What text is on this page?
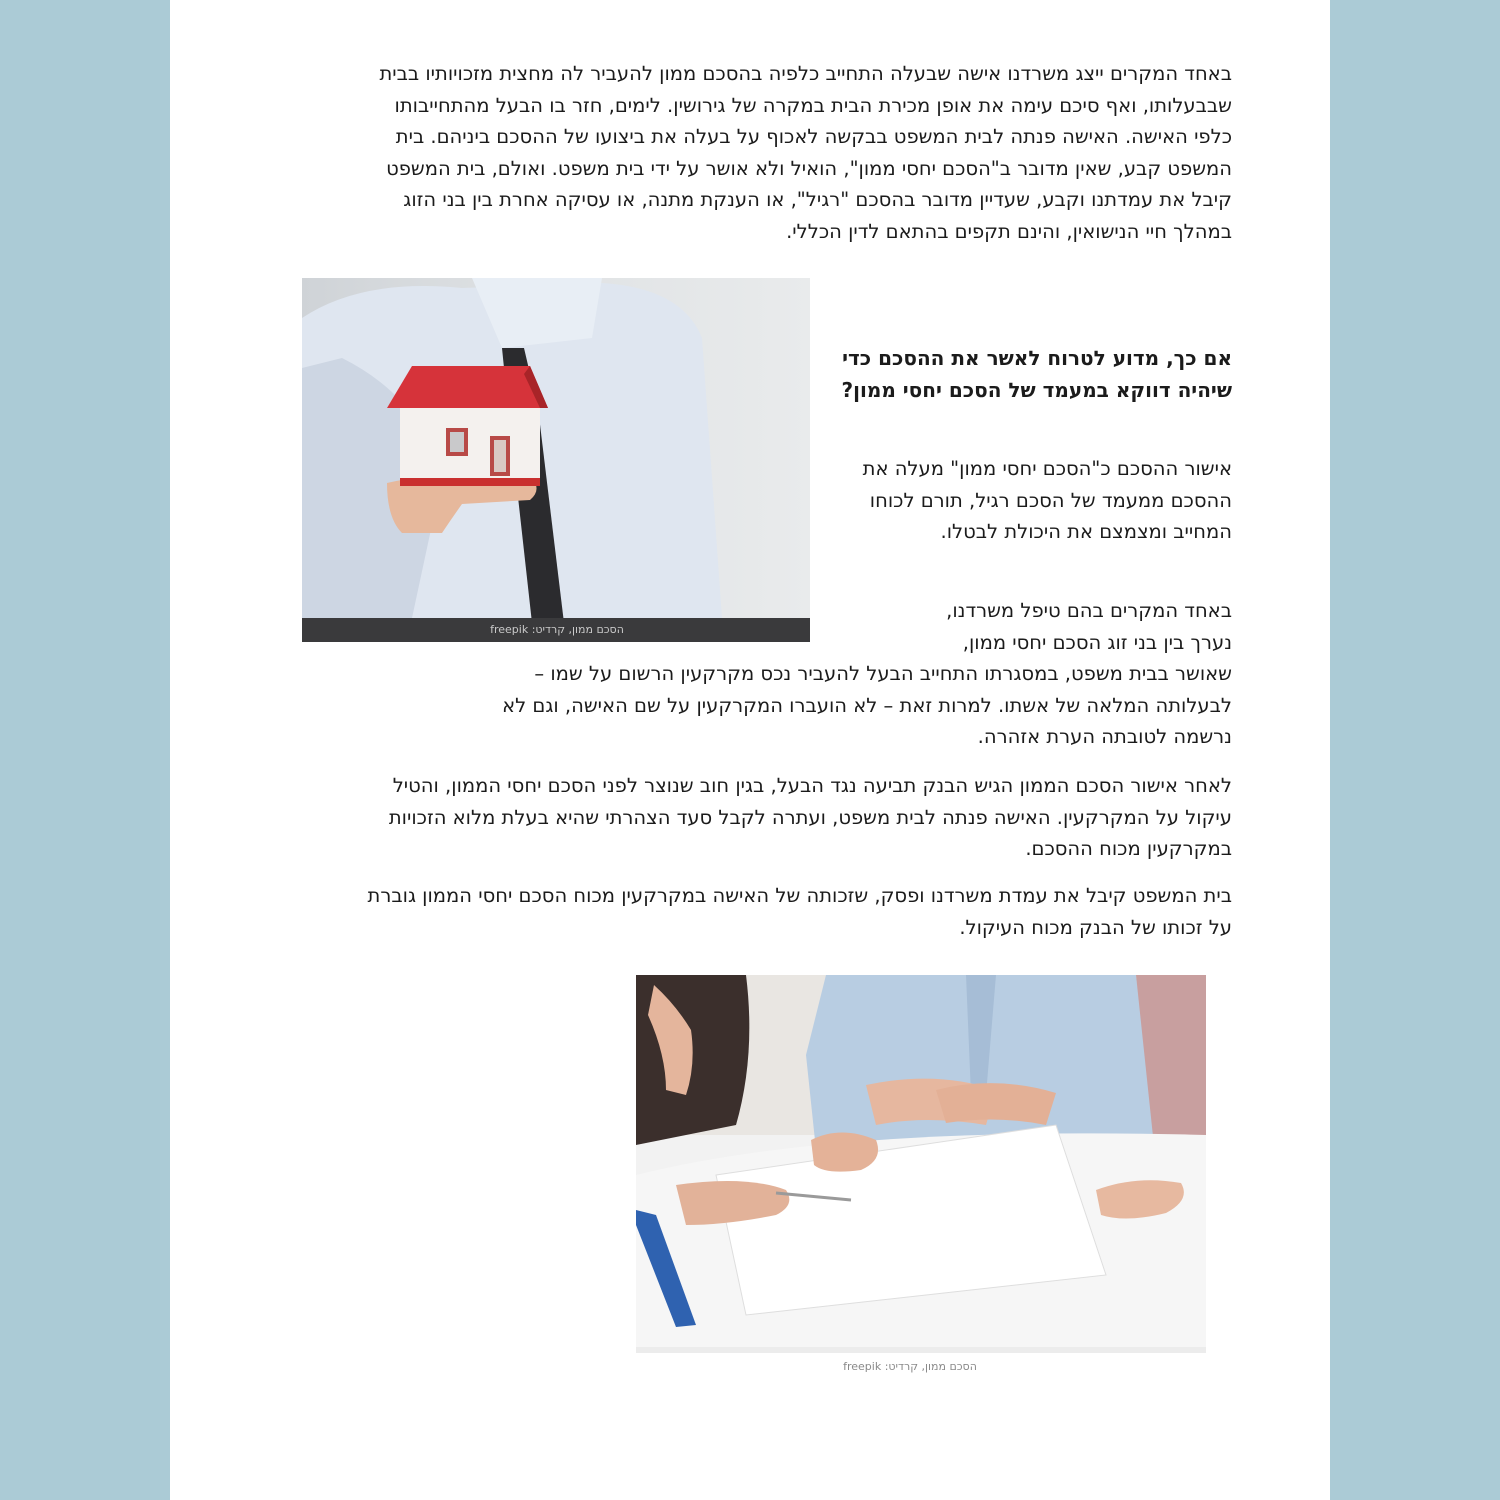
באחד המקרים ייצג משרדנו אישה שבעלה התחייב כלפיה בהסכם ממון להעביר לה מחצית מזכויותיו בבית שבבעלותו, ואף סיכם עימה את אופן מכירת הבית במקרה של גירושין. לימים, חזר בו הבעל מהתחייבותו כלפי האישה. האישה פנתה לבית המשפט בבקשה לאכוף על בעלה את ביצועו של ההסכם ביניהם. בית המשפט קבע, שאין מדובר ב"הסכם יחסי ממון", הואיל ולא אושר על ידי בית משפט. ואולם, בית המשפט קיבל את עמדתנו וקבע, שעדיין מדובר בהסכם "רגיל", או הענקת מתנה, או עסיקה אחרת בין בני הזוג במהלך חיי הנישואין, והינם תקפים בהתאם לדין הכללי.

הסכם ממון, קרדיט: freepik

אם כך, מדוע לטרוח לאשר את ההסכם כדי שיהיה דווקא במעמד של הסכם יחסי ממון?

אישור ההסכם כ"הסכם יחסי ממון" מעלה את ההסכם ממעמד של הסכם רגיל, תורם לכוחו המחייב ומצמצם את היכולת לבטלו.

באחד המקרים בהם טיפל משרדנו,
נערך בין בני זוג הסכם יחסי ממון,
שאושר בבית משפט, במסגרתו התחייב הבעל להעביר נכס מקרקעין הרשום על שמו –
לבעלותה המלאה של אשתו. למרות זאת – לא הועברו המקרקעין על שם האישה, וגם לא
נרשמה לטובתה הערת אזהרה.

לאחר אישור הסכם הממון הגיש הבנק תביעה נגד הבעל, בגין חוב שנוצר לפני הסכם יחסי הממון, והטיל עיקול על המקרקעין. האישה פנתה לבית משפט, ועתרה לקבל סעד הצהרתי שהיא בעלת מלוא הזכויות במקרקעין מכוח ההסכם.

בית המשפט קיבל את עמדת משרדנו ופסק, שזכותה של האישה במקרקעין מכוח הסכם יחסי הממון גוברת על זכותו של הבנק מכוח העיקול.

הסכם ממון, קרדיט: freepik
